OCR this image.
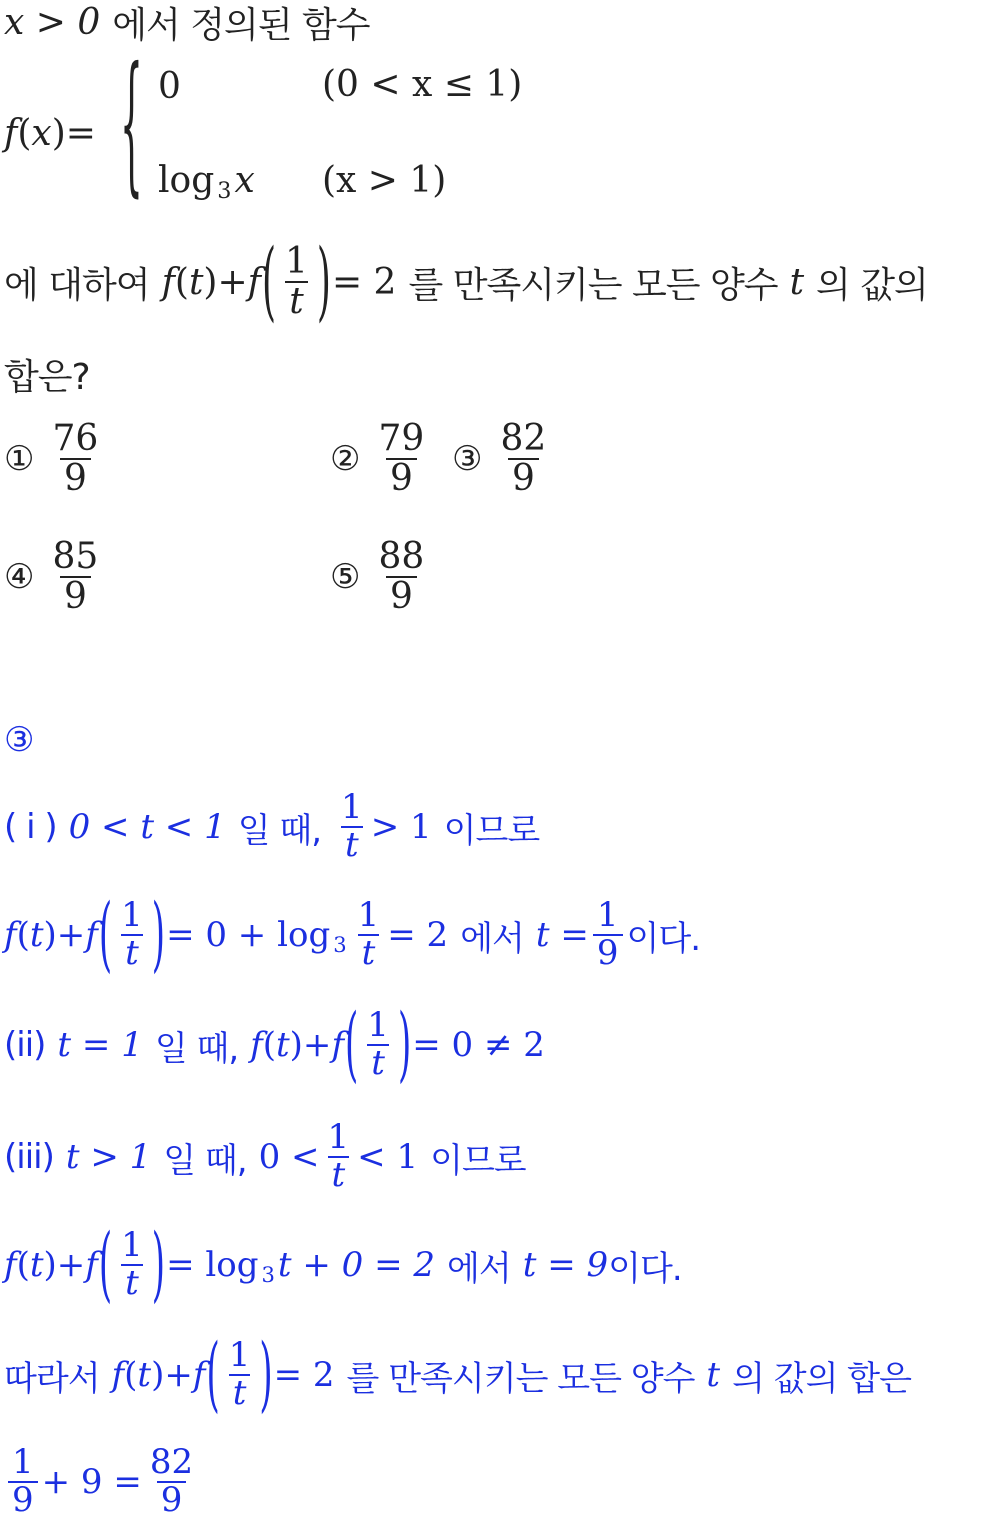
x > 0 에서 정의된 함수
f ( x )= { 0	(0 < x ≤ 1)
log 3 x (x > 1)
에 대하여 f ( t )+ f ( $\frac{1}{t}$ ) = 2 를 만족시키는 모든 양수 t 의 값의
합은?
① $\frac{76}{9}$	② $\frac{79}{9}$ ③ $\frac{82}{9}$
④ $\frac{85}{9}$	⑤ $\frac{88}{9}$
③
( i ) 0 < t < 1 일 때, $\frac{1}{t} > 1$ 이므로
f ( t )+ f ( $\frac{1}{t}$ ) = $0 + \log 3 \frac{1}{t} = 2$ 에서 $t = \frac{1}{9}$ 이다.
(ii) t = 1 일 때, f ( t )+ f ( $\frac{1}{t}$ ) = 0 ≠ 2
(iii) t > 1 일 때, $0 < \frac{1}{t} < 1$ 이므로
f ( t )+ f ( $\frac{1}{t}$ ) = log 3 t + 0 = 2 에서 t = 9 이다.
따라서 f ( t )+ f ( $\frac{1}{t}$ ) = 2 를 만족시키는 모든 양수 t 의 값의 합은
$\frac{1}{9} + 9 = \frac{82}{9}$
